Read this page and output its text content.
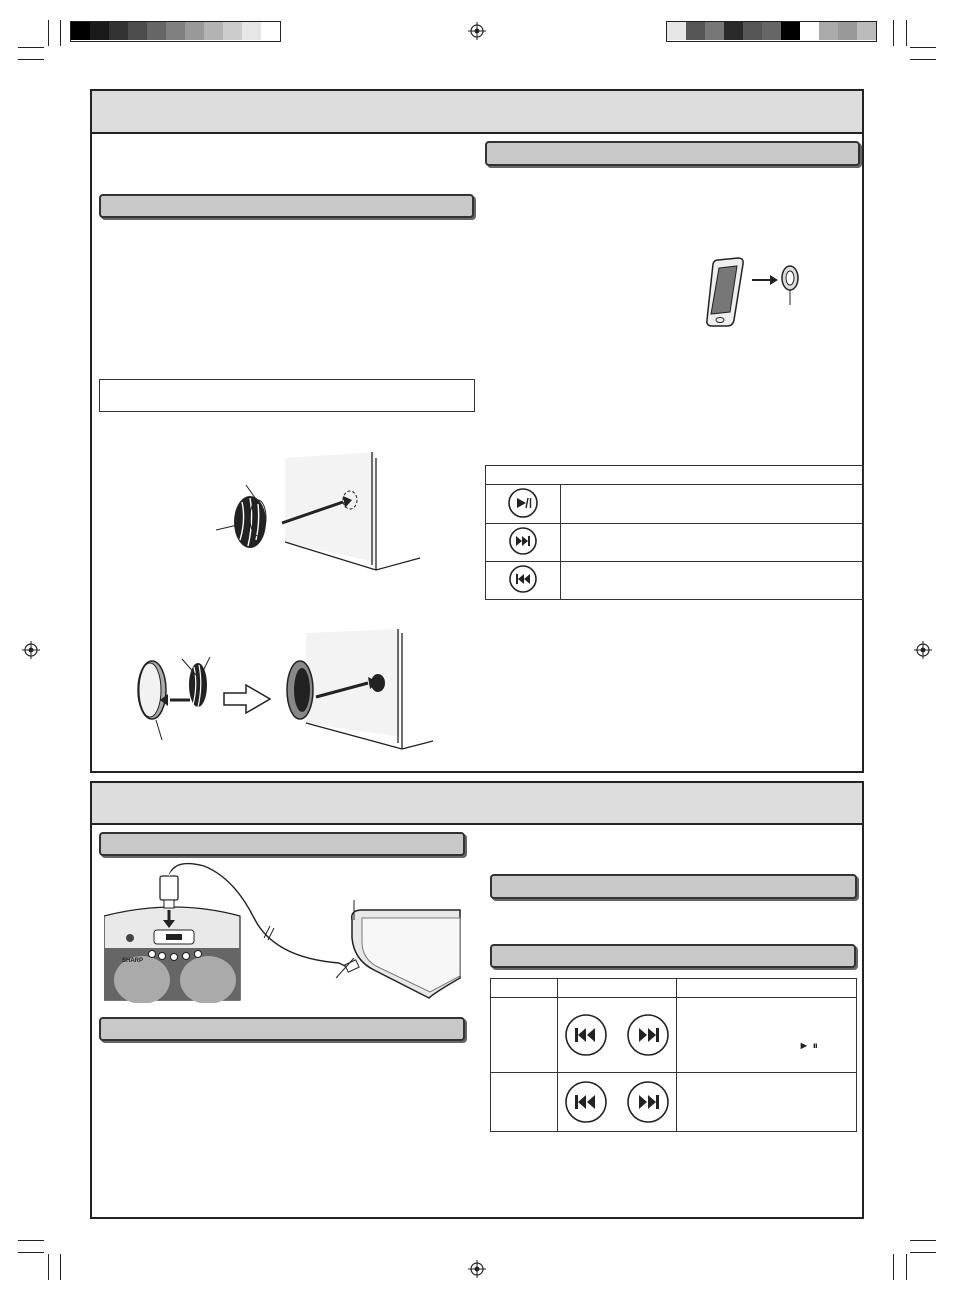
SHARP

► ⏸
